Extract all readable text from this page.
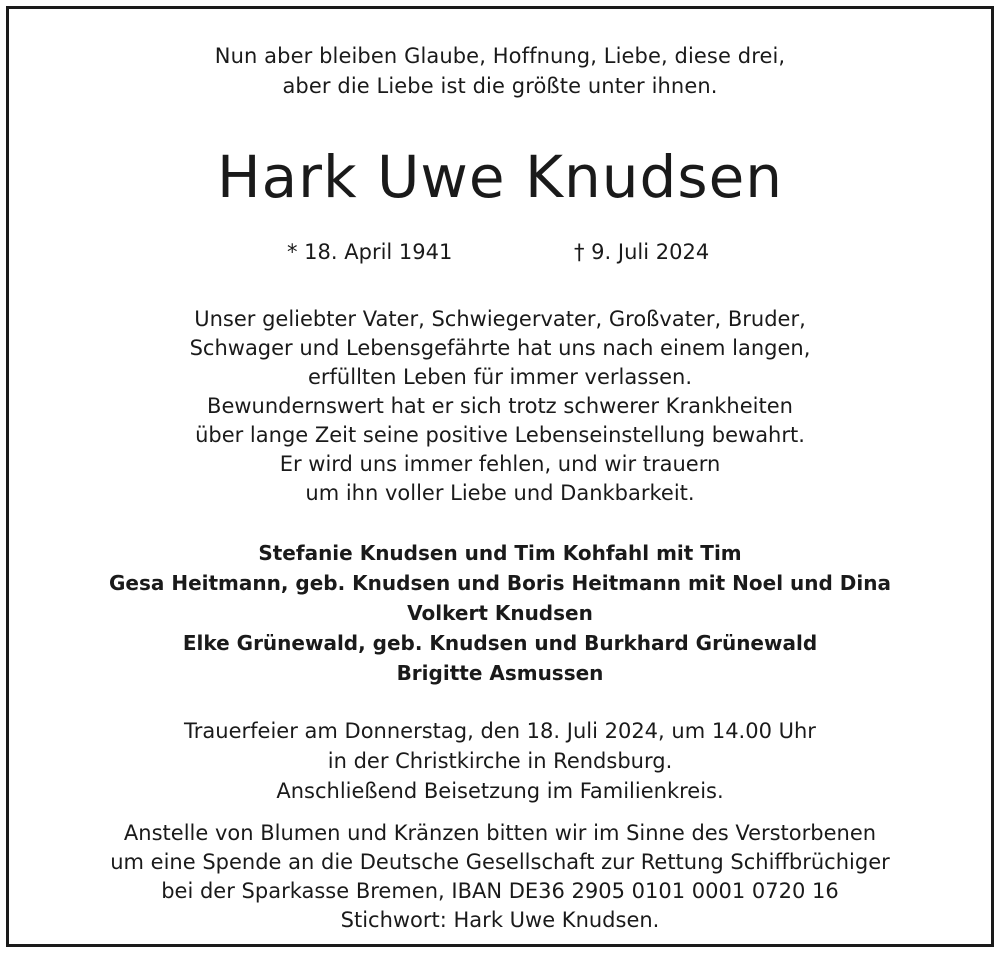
Nun aber bleiben Glaube, Hoffnung, Liebe, diese drei,
aber die Liebe ist die größte unter ihnen.
Hark Uwe Knudsen
* 18. April 1941	† 9. Juli 2024
Unser geliebter Vater, Schwiegervater, Großvater, Bruder,
Schwager und Lebensgefährte hat uns nach einem langen,
erfüllten Leben für immer verlassen.
Bewundernswert hat er sich trotz schwerer Krankheiten
über lange Zeit seine positive Lebenseinstellung bewahrt.
Er wird uns immer fehlen, und wir trauern
um ihn voller Liebe und Dankbarkeit.
Stefanie Knudsen und Tim Kohfahl mit Tim
Gesa Heitmann, geb. Knudsen und Boris Heitmann mit Noel und Dina
Volkert Knudsen
Elke Grünewald, geb. Knudsen und Burkhard Grünewald
Brigitte Asmussen
Trauerfeier am Donnerstag, den 18. Juli 2024, um 14.00 Uhr
in der Christkirche in Rendsburg.
Anschließend Beisetzung im Familienkreis.
Anstelle von Blumen und Kränzen bitten wir im Sinne des Verstorbenen
um eine Spende an die Deutsche Gesellschaft zur Rettung Schiffbrüchiger
bei der Sparkasse Bremen, IBAN DE36 2905 0101 0001 0720 16
Stichwort: Hark Uwe Knudsen.
